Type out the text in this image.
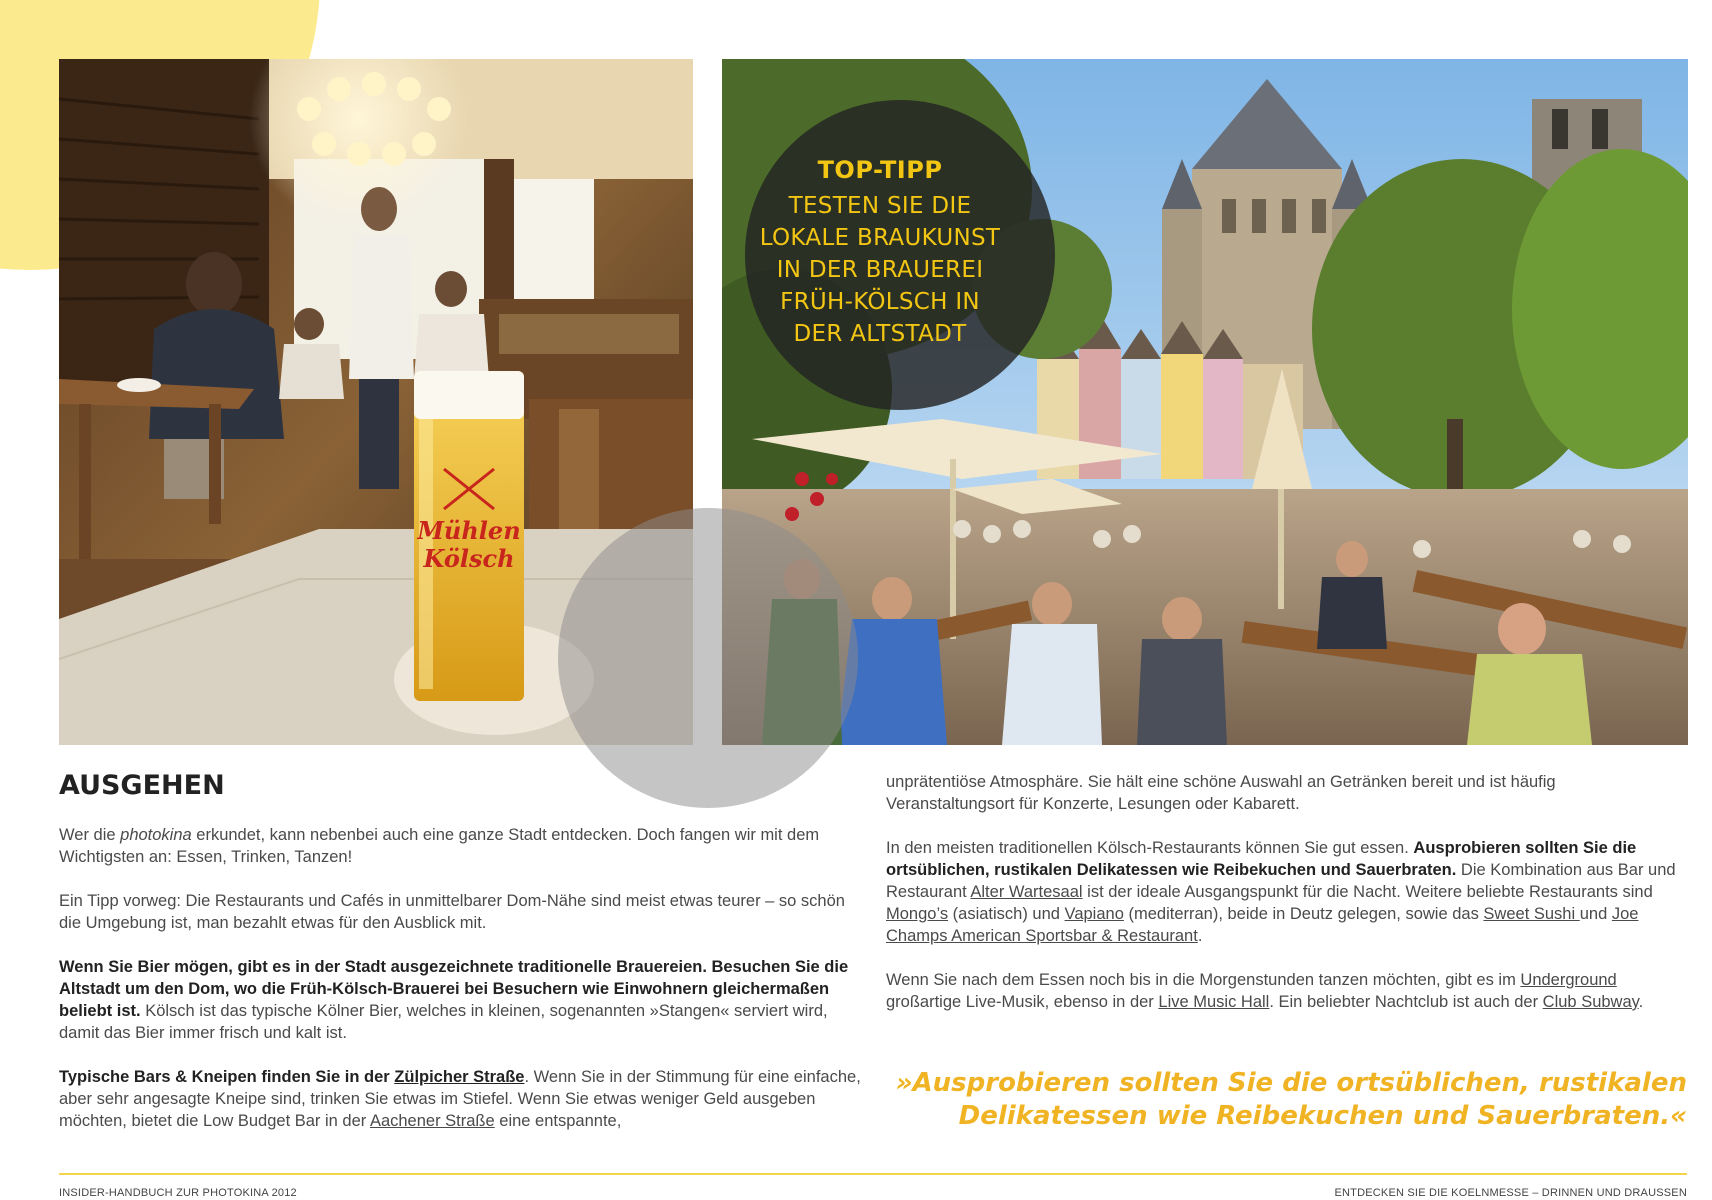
Mühlen
Kölsch
TOP-TIPP
TESTEN SIE DIE
LOKALE BRAUKUNST
IN DER BRAUEREI
FRÜH-KÖLSCH IN
DER ALTSTADT
AUSGEHEN

Wer die photokina erkundet, kann nebenbei auch eine ganze Stadt entdecken. Doch fangen wir mit dem Wichtigsten an: Essen, Trinken, Tanzen!

Ein Tipp vorweg: Die Restaurants und Cafés in unmittelbarer Dom-Nähe sind meist etwas teurer – so schön die Umgebung ist, man bezahlt etwas für den Ausblick mit.

Wenn Sie Bier mögen, gibt es in der Stadt ausgezeichnete traditionelle Brauereien. Besuchen Sie die Altstadt um den Dom, wo die Früh-Kölsch-Brauerei bei Besuchern wie Einwohnern gleichermaßen beliebt ist. Kölsch ist das typische Kölner Bier, welches in kleinen, sogenannten »Stangen« serviert wird, damit das Bier immer frisch und kalt ist.

Typische Bars & Kneipen finden Sie in der Zülpicher Straße. Wenn Sie in der Stimmung für eine einfache, aber sehr angesagte Kneipe sind, trinken Sie etwas im Stiefel. Wenn Sie etwas weniger Geld ausgeben möchten, bietet die Low Budget Bar in der Aachener Straße eine entspannte,

unprätentiöse Atmosphäre. Sie hält eine schöne Auswahl an Getränken bereit und ist häufig Veranstaltungsort für Konzerte, Lesungen oder Kabarett.

In den meisten traditionellen Kölsch-Restaurants können Sie gut essen. Ausprobieren sollten Sie die ortsüblichen, rustikalen Delikatessen wie Reibekuchen und Sauerbraten. Die Kombination aus Bar und Restaurant Alter Wartesaal ist der ideale Ausgangspunkt für die Nacht. Weitere beliebte Restaurants sind Mongo’s (asiatisch) und Vapiano (mediterran), beide in Deutz gelegen, sowie das Sweet Sushi und Joe Champs American Sportsbar & Restaurant.

Wenn Sie nach dem Essen noch bis in die Morgenstunden tanzen möchten, gibt es im Underground großartige Live-Musik, ebenso in der Live Music Hall. Ein beliebter Nachtclub ist auch der Club Subway.

»Ausprobieren sollten Sie die ortsüblichen, rustikalen
Delikatessen wie Reibekuchen und Sauerbraten.«
INSIDER-HANDBUCH ZUR PHOTOKINA 2012	ENTDECKEN SIE DIE KOELNMESSE – DRINNEN UND DRAUSSEN
